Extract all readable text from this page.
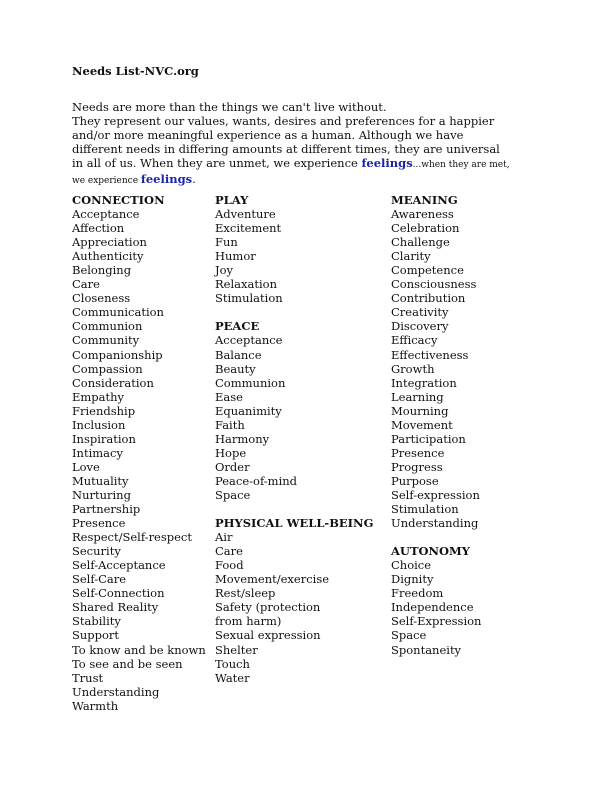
Needs List-NVC.org

Needs are more than the things we can't live without.

They represent our values, wants, desires and preferences for a happier and/or more meaningful experience as a human. Although we have different needs in differing amounts at different times, they are universal in all of us. When they are unmet, we experience feelings...when they are met, we experience feelings.

CONNECTION
Acceptance
Affection
Appreciation
Authenticity
Belonging
Care
Closeness
Communication
Communion
Community
Companionship
Compassion
Consideration
Empathy
Friendship
Inclusion
Inspiration
Intimacy
Love
Mutuality
Nurturing
Partnership
Presence
Respect/Self-respect
Security
Self-Acceptance
Self-Care
Self-Connection
Shared Reality
Stability
Support
To know and be known
To see and be seen
Trust
Understanding
Warmth
PLAY
Adventure
Excitement
Fun
Humor
Joy
Relaxation
Stimulation
PEACE
Acceptance
Balance
Beauty
Communion
Ease
Equanimity
Faith
Harmony
Hope
Order
Peace-of-mind
Space
PHYSICAL WELL-BEING
Air
Care
Food
Movement/exercise
Rest/sleep
Safety (protection from harm)
Sexual expression
Shelter
Touch
Water
MEANING
Awareness
Celebration
Challenge
Clarity
Competence
Consciousness
Contribution
Creativity
Discovery
Efficacy
Effectiveness
Growth
Integration
Learning
Mourning
Movement
Participation
Presence
Progress
Purpose
Self-expression
Stimulation
Understanding
AUTONOMY
Choice
Dignity
Freedom
Independence
Self-Expression
Space
Spontaneity
